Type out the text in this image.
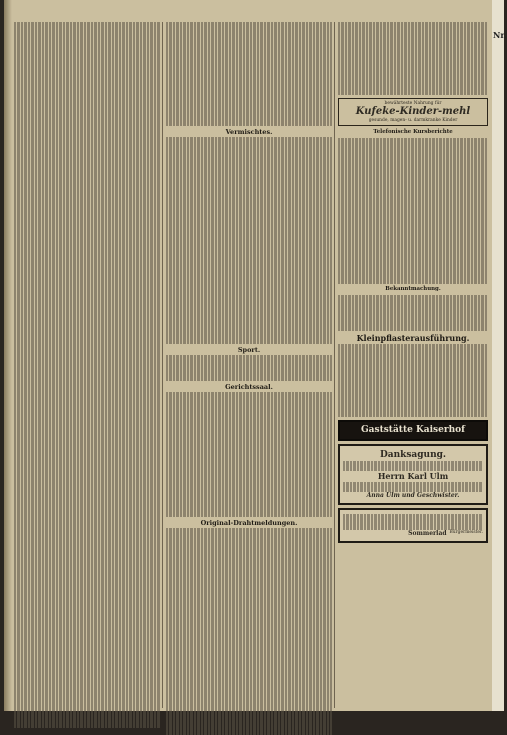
Vermischtes.
Sport.
Gerichtssaal.
Original-Drahtmeldungen.
bewährteste Nahrung für
Kufeke-Kinder-mehl
gesunde, magen- u. darmkranke Kinder
Telefonische Kursberichte
Bekanntmachung.
Kleinpflasterausführung.
Gaststätte Kaiserhof
Danksagung.
Herrn Karl Ulm
Anna Ulm und Geschwister.
Sommerlad Bürgermeister.
Nr.
